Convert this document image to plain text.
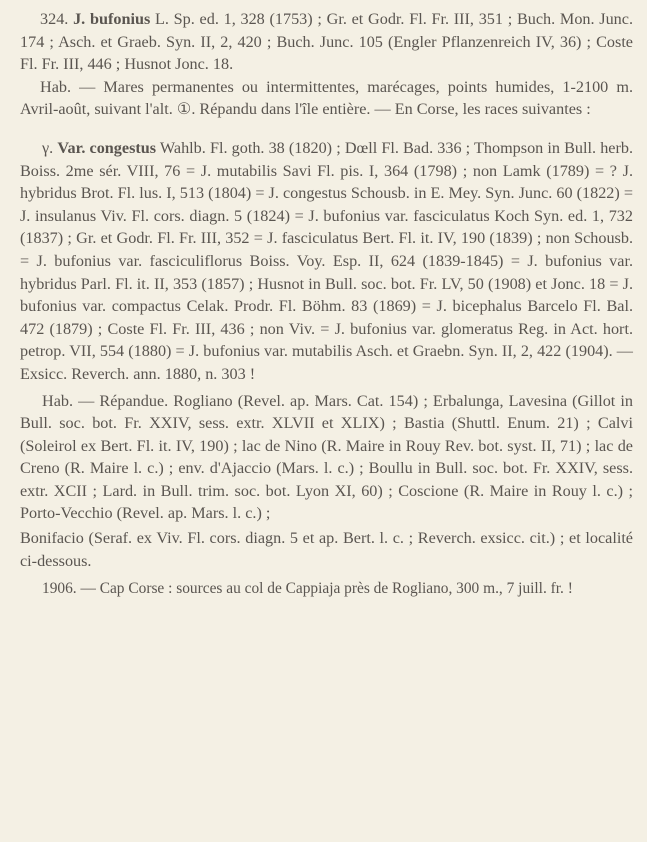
324. J. bufonius L. Sp. ed. 1, 328 (1753) ; Gr. et Godr. Fl. Fr. III, 351 ; Buch. Mon. Junc. 174 ; Asch. et Graeb. Syn. II, 2, 420 ; Buch. Junc. 105 (Engler Pflanzenreich IV, 36) ; Coste Fl. Fr. III, 446 ; Husnot Jonc. 18.
Hab. — Mares permanentes ou intermittentes, marécages, points humides, 1-2100 m. Avril-août, suivant l'alt. ①. Répandu dans l'île entière. — En Corse, les races suivantes :

γ. Var. congestus Wahlb. Fl. goth. 38 (1820) ; Dœll Fl. Bad. 336 ; Thompson in Bull. herb. Boiss. 2me sér. VIII, 76 = J. mutabilis Savi Fl. pis. I, 364 (1798) ; non Lamk (1789) = ? J. hybridus Brot. Fl. lus. I, 513 (1804) = J. congestus Schousb. in E. Mey. Syn. Junc. 60 (1822) = J. insulanus Viv. Fl. cors. diagn. 5 (1824) = J. bufonius var. fasciculatus Koch Syn. ed. 1, 732 (1837) ; Gr. et Godr. Fl. Fr. III, 352 = J. fasciculatus Bert. Fl. it. IV, 190 (1839) ; non Schousb. = J. bufonius var. fasciculiflorus Boiss. Voy. Esp. II, 624 (1839-1845) = J. bufonius var. hybridus Parl. Fl. it. II, 353 (1857) ; Husnot in Bull. soc. bot. Fr. LV, 50 (1908) et Jonc. 18 = J. bufonius var. compactus Celak. Prodr. Fl. Böhm. 83 (1869) = J. bicephalus Barcelo Fl. Bal. 472 (1879) ; Coste Fl. Fr. III, 436 ; non Viv. = J. bufonius var. glomeratus Reg. in Act. hort. petrop. VII, 554 (1880) = J. bufonius var. mutabilis Asch. et Graebn. Syn. II, 2, 422 (1904). — Exsicc. Reverch. ann. 1880, n. 303 !

Hab. — Répandue. Rogliano (Revel. ap. Mars. Cat. 154) ; Erbalunga, Lavesina (Gillot in Bull. soc. bot. Fr. XXIV, sess. extr. XLVII et XLIX) ; Bastia (Shuttl. Enum. 21) ; Calvi (Soleirol ex Bert. Fl. it. IV, 190) ; lac de Nino (R. Maire in Rouy Rev. bot. syst. II, 71) ; lac de Creno (R. Maire l. c.) ; env. d'Ajaccio (Mars. l. c.) ; Boullu in Bull. soc. bot. Fr. XXIV, sess. extr. XCII ; Lard. in Bull. trim. soc. bot. Lyon XI, 60) ; Coscione (R. Maire in Rouy l. c.) ; Porto-Vecchio (Revel. ap. Mars. l. c.) ;

Bonifacio (Seraf. ex Viv. Fl. cors. diagn. 5 et ap. Bert. l. c. ; Reverch. exsicc. cit.) ; et localité ci-dessous.

1906. — Cap Corse : sources au col de Cappiaja près de Rogliano, 300 m., 7 juill. fr. !
